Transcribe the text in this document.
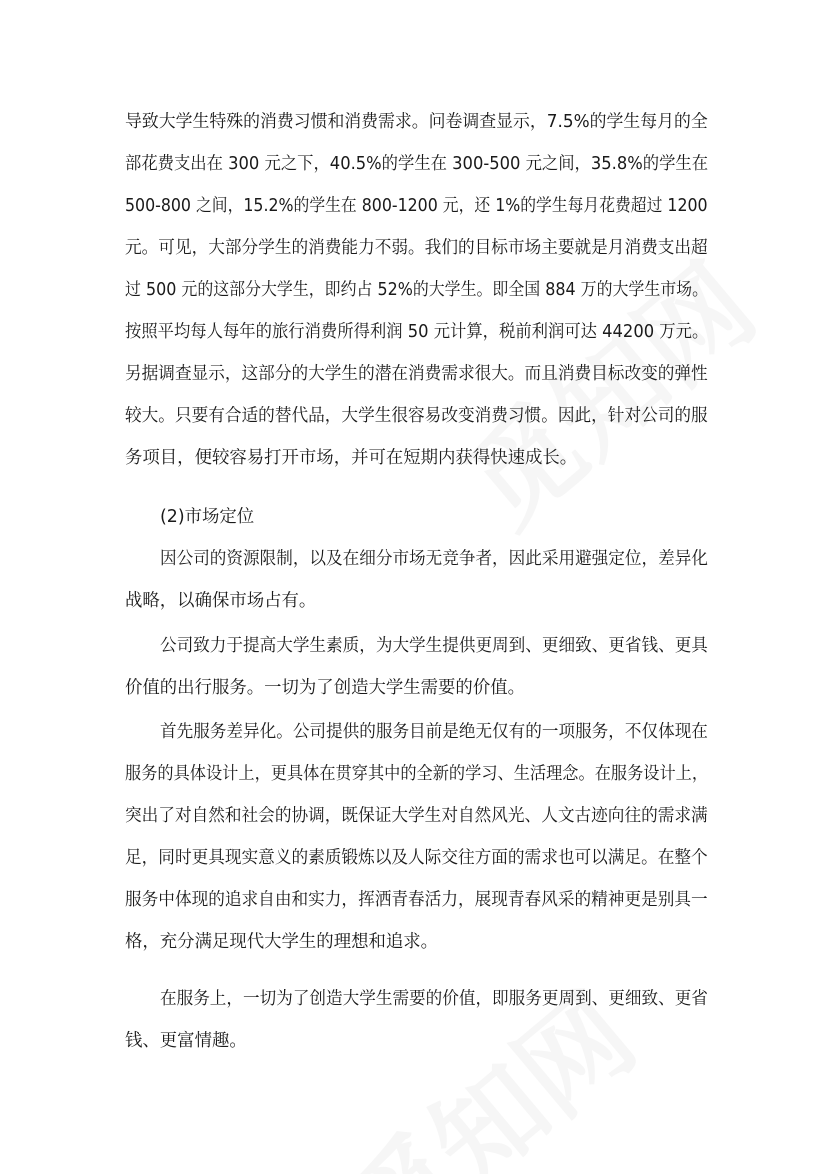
导致大学生特殊的消费习惯和消费需求。问卷调查显示，7.5%的学生每月的全
部花费支出在 300 元之下，40.5%的学生在 300-500 元之间，35.8%的学生在
500-800 之间，15.2%的学生在 800-1200 元，还 1%的学生每月花费超过 1200
元。可见，大部分学生的消费能力不弱。我们的目标市场主要就是月消费支出超
过 500 元的这部分大学生，即约占 52%的大学生。即全国 884 万的大学生市场。
按照平均每人每年的旅行消费所得利润 50 元计算，税前利润可达 44200 万元。
另据调查显示，这部分的大学生的潜在消费需求很大。而且消费目标改变的弹性
较大。只要有合适的替代品，大学生很容易改变消费习惯。因此，针对公司的服
务项目，便较容易打开市场，并可在短期内获得快速成长。
(2)市场定位
因公司的资源限制，以及在细分市场无竞争者，因此采用避强定位，差异化
战略，以确保市场占有。
公司致力于提高大学生素质，为大学生提供更周到、更细致、更省钱、更具
价值的出行服务。一切为了创造大学生需要的价值。
首先服务差异化。公司提供的服务目前是绝无仅有的一项服务，不仅体现在
服务的具体设计上，更具体在贯穿其中的全新的学习、生活理念。在服务设计上，
突出了对自然和社会的协调，既保证大学生对自然风光、人文古迹向往的需求满
足，同时更具现实意义的素质锻炼以及人际交往方面的需求也可以满足。在整个
服务中体现的追求自由和实力，挥洒青春活力，展现青春风采的精神更是别具一
格，充分满足现代大学生的理想和追求。
在服务上，一切为了创造大学生需要的价值，即服务更周到、更细致、更省
钱、更富情趣。
